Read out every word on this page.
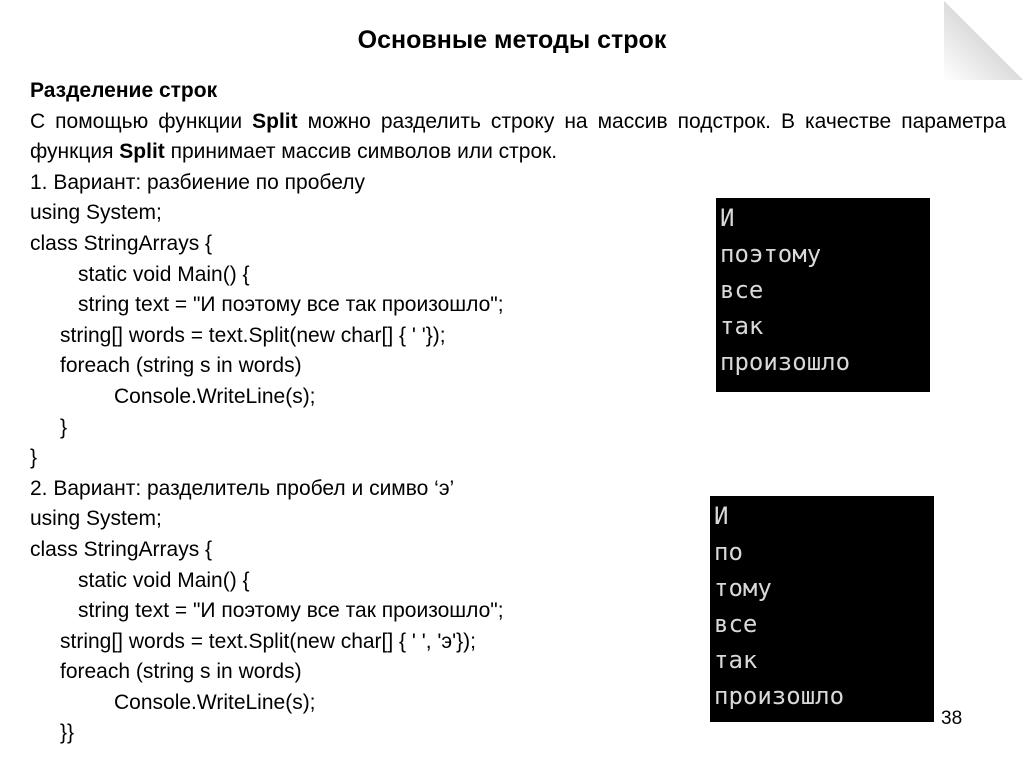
Основные методы строк
Разделение строк
С помощью функции Split можно разделить строку на массив подстрок. В качестве параметра функция Split принимает массив символов или строк.
1. Вариант: разбиение по пробелу
using System;
class StringArrays {
static void Main() {
string text = "И поэтому все так произошло";
string[] words = text.Split(new char[] { ' '});
foreach (string s in words)
Console.WriteLine(s);
}
}
2. Вариант: разделитель пробел и симво ‘э’
using System;
class StringArrays {
static void Main() {
string text = "И поэтому все так произошло";
string[] words = text.Split(new char[] { ' ', 'э'});
foreach (string s in words)
Console.WriteLine(s);
}}
И
поэтому
все
так
произошло
И
по
тому
все
так
произошло
38
